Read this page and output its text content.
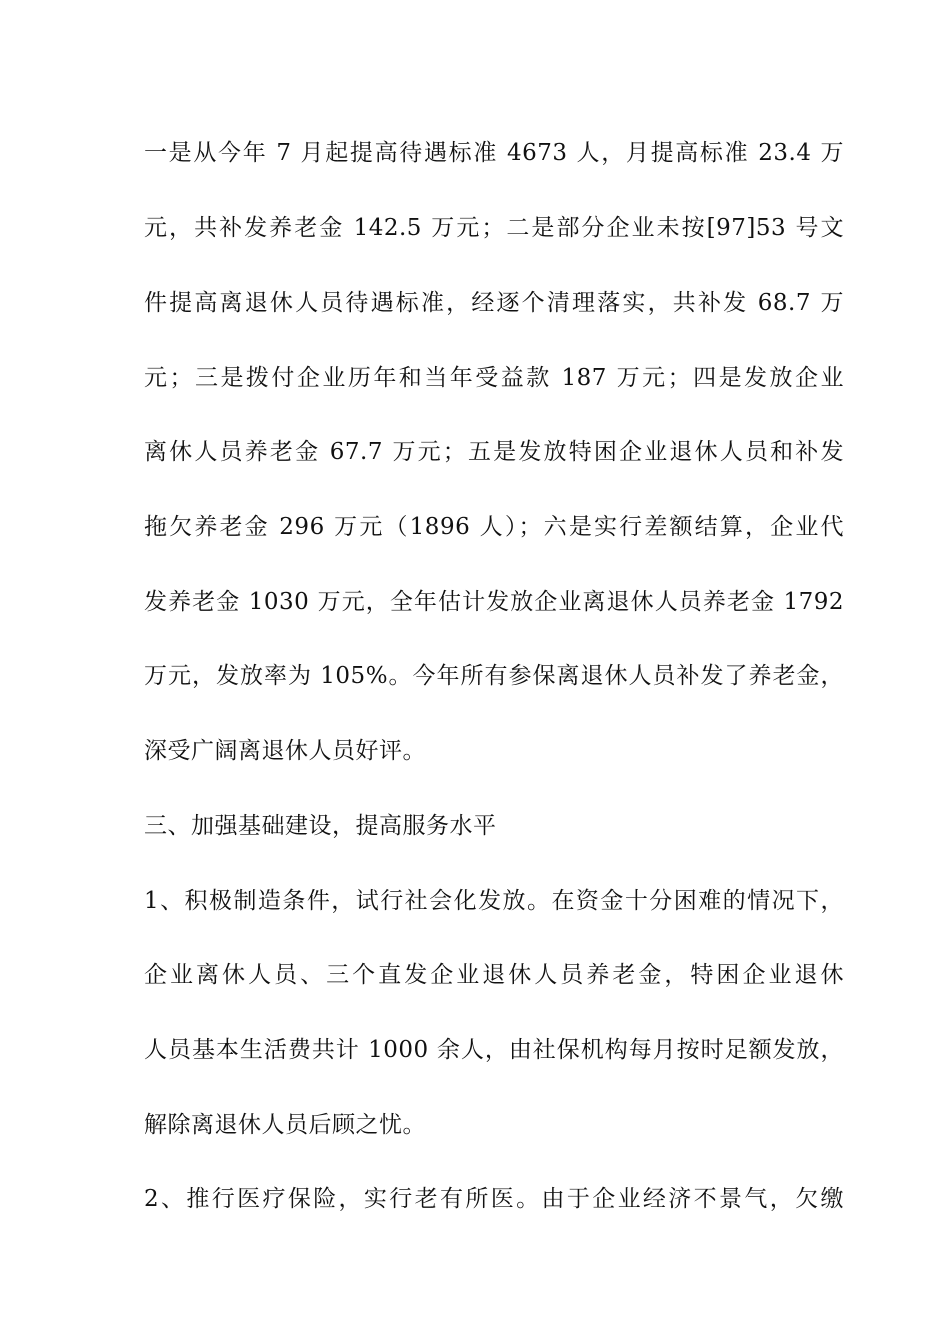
一是从今年 7 月起提高待遇标准 4673 人，月提高标准 23.4 万
元，共补发养老金 142.5 万元；二是部分企业未按[97]53 号文
件提高离退休人员待遇标准，经逐个清理落实，共补发 68.7 万
元；三是拨付企业历年和当年受益款 187 万元；四是发放企业
离休人员养老金 67.7 万元；五是发放特困企业退休人员和补发
拖欠养老金 296 万元（1896 人）；六是实行差额结算，企业代
发养老金 1030 万元，全年估计发放企业离退休人员养老金 1792
万元，发放率为 105%。今年所有参保离退休人员补发了养老金，
深受广阔离退休人员好评。
三、加强基础建设，提高服务水平
1、积极制造条件，试行社会化发放。在资金十分困难的情况下，
企业离休人员、三个直发企业退休人员养老金，特困企业退休
人员基本生活费共计 1000 余人，由社保机构每月按时足额发放，
解除离退休人员后顾之忧。
2、推行医疗保险，实行老有所医。由于企业经济不景气，欠缴
